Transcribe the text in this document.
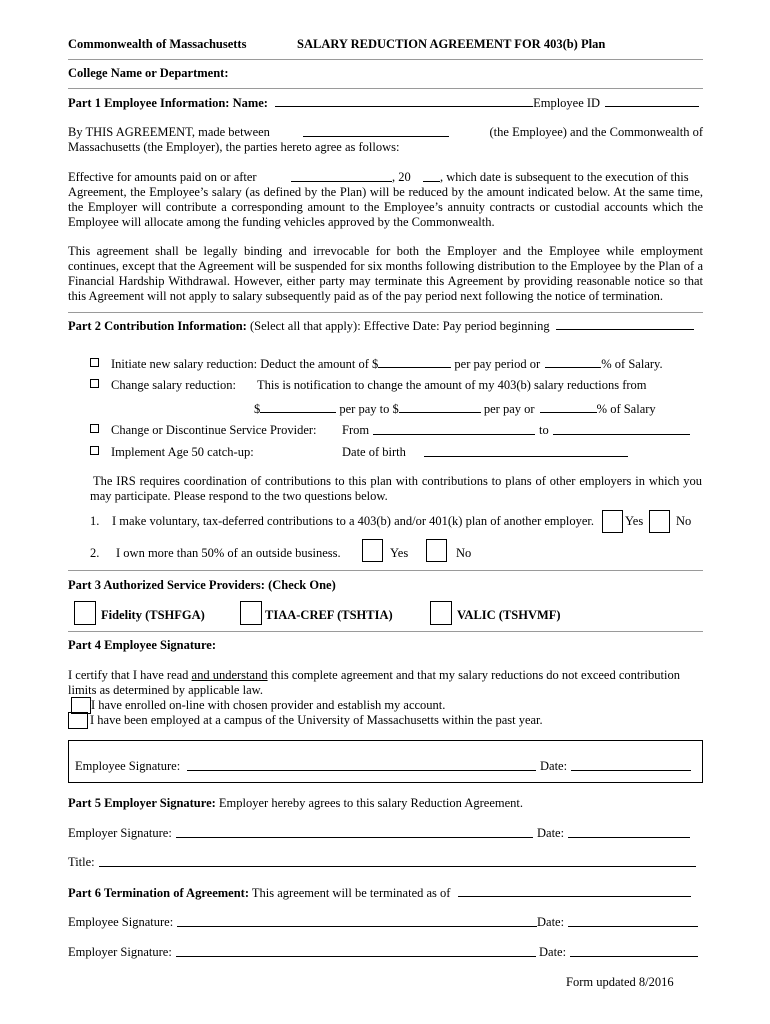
Commonwealth of Massachusetts	SALARY REDUCTION AGREEMENT FOR 403(b) Plan
College Name or Department:
Part 1 Employee Information: Name:	Employee ID
By THIS AGREEMENT, made between	(the Employee) and the Commonwealth of
Massachusetts (the Employer), the parties hereto agree as follows:
Effective for amounts paid on or after	, 20 , which date is subsequent to the execution of this
Agreement, the Employee’s salary (as defined by the Plan) will be reduced by the amount indicated below. At the same time, the Employer will contribute a corresponding amount to the Employee’s annuity contracts or custodial accounts which the Employee will allocate among the funding vehicles approved by the Commonwealth.
This agreement shall be legally binding and irrevocable for both the Employer and the Employee while employment continues, except that the Agreement will be suspended for six months following distribution to the Employee by the Plan of a Financial Hardship Withdrawal. However, either party may terminate this Agreement by providing reasonable notice so that this Agreement will not apply to salary subsequently paid as of the pay period next following the notice of termination.
Part 2 Contribution Information: (Select all that apply): Effective Date: Pay period beginning
Initiate new salary reduction: Deduct the amount of $	per pay period or	% of Salary.
Change salary reduction: This is notification to change the amount of my 403(b) salary reductions from
$	per pay to $	per pay or	% of Salary
Change or Discontinue Service Provider: From	to
Implement Age 50 catch-up:	Date of birth
The IRS requires coordination of contributions to this plan with contributions to plans of other employers in which you may participate. Please respond to the two questions below.
1. I make voluntary, tax-deferred contributions to a 403(b) and/or 401(k) plan of another employer. Yes	No
2. I own more than 50% of an outside business.	Yes	No
Part 3 Authorized Service Providers: (Check One)
Fidelity (TSHFGA)	TIAA-CREF (TSHTIA)	VALIC (TSHVMF)
Part 4 Employee Signature:
I certify that I have read and understand this complete agreement and that my salary reductions do not exceed contribution
limits as determined by applicable law.
I have enrolled on-line with chosen provider and establish my account.
I have been employed at a campus of the University of Massachusetts within the past year.
Employee Signature:	Date:
Part 5 Employer Signature: Employer hereby agrees to this salary Reduction Agreement.
Employer Signature:	Date:
Title:
Part 6 Termination of Agreement: This agreement will be terminated as of
Employee Signature:	Date:
Employer Signature:	Date:
Form updated 8/2016
